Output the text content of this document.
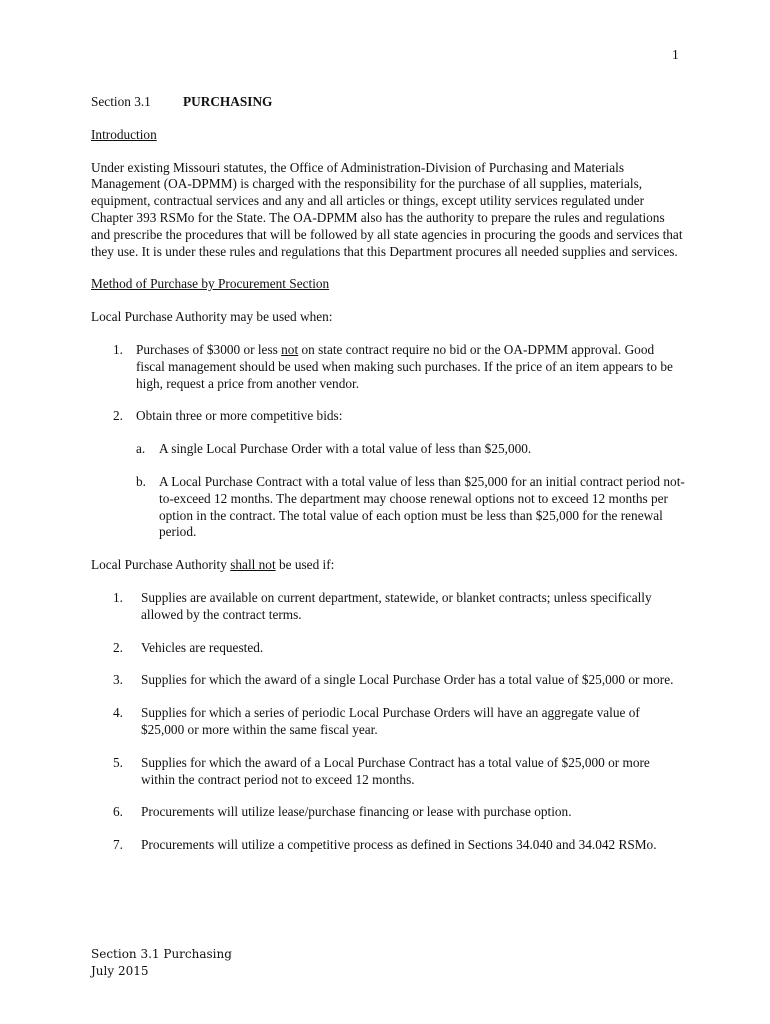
1
Section 3.1	PURCHASING
Introduction

Under existing Missouri statutes, the Office of Administration-Division of Purchasing and Materials Management (OA-DPMM) is charged with the responsibility for the purchase of all supplies, materials, equipment, contractual services and any and all articles or things, except utility services regulated under Chapter 393 RSMo for the State. The OA-DPMM also has the authority to prepare the rules and regulations and prescribe the procedures that will be followed by all state agencies in procuring the goods and services that they use. It is under these rules and regulations that this Department procures all needed supplies and services.

Method of Purchase by Procurement Section

Local Purchase Authority may be used when:

1. Purchases of $3000 or less not on state contract require no bid or the OA-DPMM approval. Good fiscal management should be used when making such purchases. If the price of an item appears to be high, request a price from another vendor.
2. Obtain three or more competitive bids:
a. A single Local Purchase Order with a total value of less than $25,000.
b. A Local Purchase Contract with a total value of less than $25,000 for an initial contract period not-to-exceed 12 months. The department may choose renewal options not to exceed 12 months per option in the contract. The total value of each option must be less than $25,000 for the renewal period.

Local Purchase Authority shall not be used if:

1. Supplies are available on current department, statewide, or blanket contracts; unless specifically allowed by the contract terms.
2. Vehicles are requested.
3. Supplies for which the award of a single Local Purchase Order has a total value of $25,000 or more.
4. Supplies for which a series of periodic Local Purchase Orders will have an aggregate value of $25,000 or more within the same fiscal year.
5. Supplies for which the award of a Local Purchase Contract has a total value of $25,000 or more within the contract period not to exceed 12 months.
6. Procurements will utilize lease/purchase financing or lease with purchase option.
7. Procurements will utilize a competitive process as defined in Sections 34.040 and 34.042 RSMo.
Section 3.1 Purchasing
July 2015
